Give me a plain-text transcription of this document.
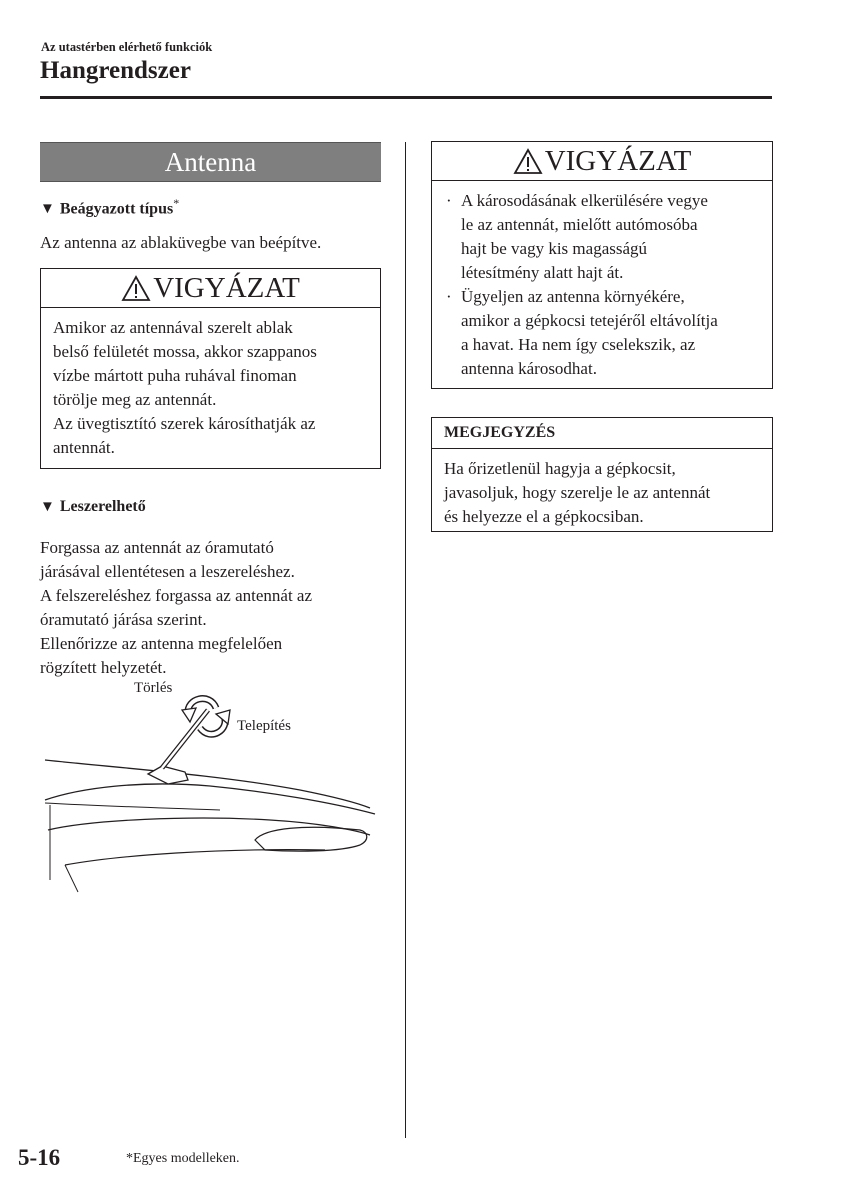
Az utastérben elérhető funkciók
Hangrendszer
Antenna
▼ Beágyazott típus*
Az antenna az ablaküvegbe van beépítve.
VIGYÁZAT
Amikor az antennával szerelt ablak
belső felületét mossa, akkor szappanos
vízbe mártott puha ruhával finoman
törölje meg az antennát.
Az üvegtisztító szerek károsíthatják az
antennát.
▼ Leszerelhető
Forgassa az antennát az óramutató
járásával ellentétesen a leszereléshez.
A felszereléshez forgassa az antennát az
óramutató járása szerint.
Ellenőrizze az antenna megfelelően
rögzített helyzetét.
Törlés
Telepítés
VIGYÁZAT
· A károsodásának elkerülésére vegye
le az antennát, mielőtt autómosóba
hajt be vagy kis magasságú
létesítmény alatt hajt át.
· Ügyeljen az antenna környékére,
amikor a gépkocsi tetejéről eltávolítja
a havat. Ha nem így cselekszik, az
antenna károsodhat.
MEGJEGYZÉS
Ha őrizetlenül hagyja a gépkocsit,
javasoljuk, hogy szerelje le az antennát
és helyezze el a gépkocsiban.
5-16	*Egyes modelleken.
